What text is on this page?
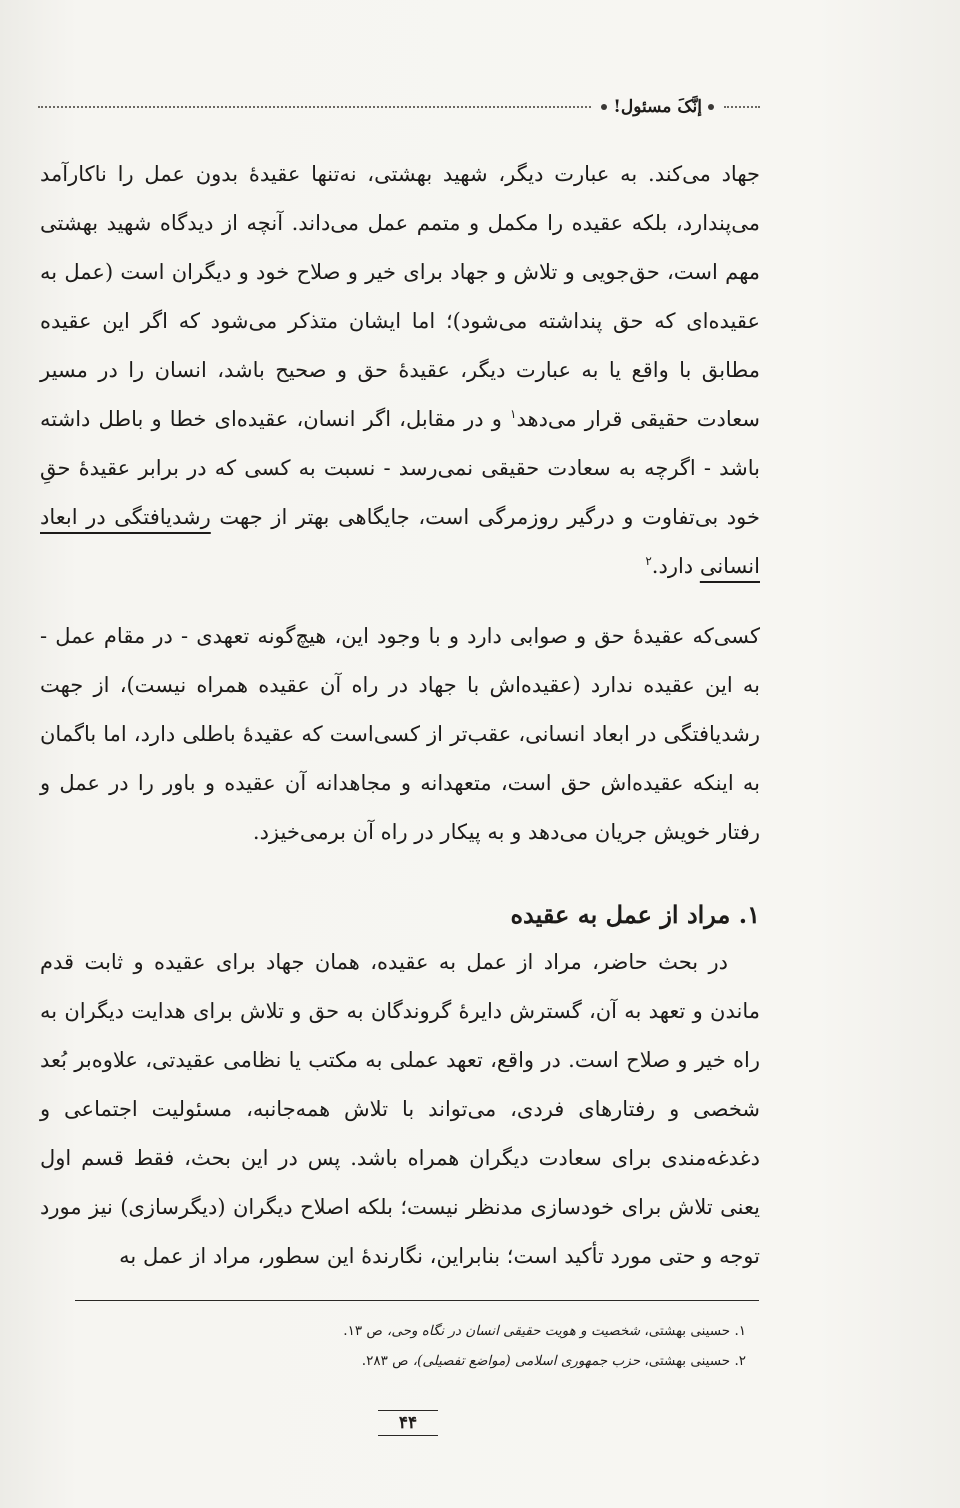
إنَّکَ مسئول!
جهاد می‌کند. به عبارت دیگر، شهید بهشتی، نه‌تنها عقیدهٔ بدون عمل را ناکارآمد می‌پندارد، بلکه عقیده را مکمل و متمم عمل می‌داند. آنچه از دیدگاه شهید بهشتی مهم است، حق‌جویی و تلاش و جهاد برای خیر و صلاح خود و دیگران است (عمل به عقیده‌ای که حق پنداشته می‌شود)؛ اما ایشان متذکر می‌شود که اگر این عقیده مطابق با واقع یا به عبارت دیگر، عقیدهٔ حق و صحیح باشد، انسان را در مسیر سعادت حقیقی قرار می‌دهد$^۱$ و در مقابل، اگر انسان، عقیده‌ای خطا و باطل داشته باشد - اگرچه به سعادت حقیقی نمی‌رسد - نسبت به کسی که در برابر عقیدهٔ حقِ خود بی‌تفاوت و درگیر روزمرگی است، جایگاهی بهتر از جهت رشدیافتگی در ابعاد انسانی دارد.$^۲$
کسی‌که عقیدهٔ حق و صوابی دارد و با وجود این، هیچ‌گونه تعهدی - در مقام عمل - به این عقیده ندارد (عقیده‌اش با جهاد در راه آن عقیده همراه نیست)، از جهت رشدیافتگی در ابعاد انسانی، عقب‌تر از کسی‌است که عقیدهٔ باطلی دارد، اما باگمان به اینکه عقیده‌اش حق است، متعهدانه و مجاهدانه آن عقیده و باور را در عمل و رفتار خویش جریان می‌دهد و به پیکار در راه آن برمی‌خیزد.
۱. مراد از عمل به عقیده
در بحث حاضر، مراد از عمل به عقیده، همان جهاد برای عقیده و ثابت قدم ماندن و تعهد به آن، گسترش دایرهٔ گروندگان به حق و تلاش برای هدایت دیگران به راه خیر و صلاح است. در واقع، تعهد عملی به مکتب یا نظامی عقیدتی، علاوه‌بر بُعد شخصی و رفتارهای فردی، می‌تواند با تلاش همه‌جانبه، مسئولیت اجتماعی و دغدغه‌مندی برای سعادت دیگران همراه باشد. پس در این بحث، فقط قسم اول یعنی تلاش برای خودسازی مدنظر نیست؛ بلکه اصلاح دیگران (دیگرسازی) نیز مورد توجه و حتی مورد تأکید است؛ بنابراین، نگارندهٔ این سطور، مراد از عمل به
۱. حسینی بهشتی، شخصیت و هویت حقیقی انسان در نگاه وحی، ص ۱۳.
۲. حسینی بهشتی، حزب جمهوری اسلامی (مواضع تفصیلی)، ص ۲۸۳.
۴۴
